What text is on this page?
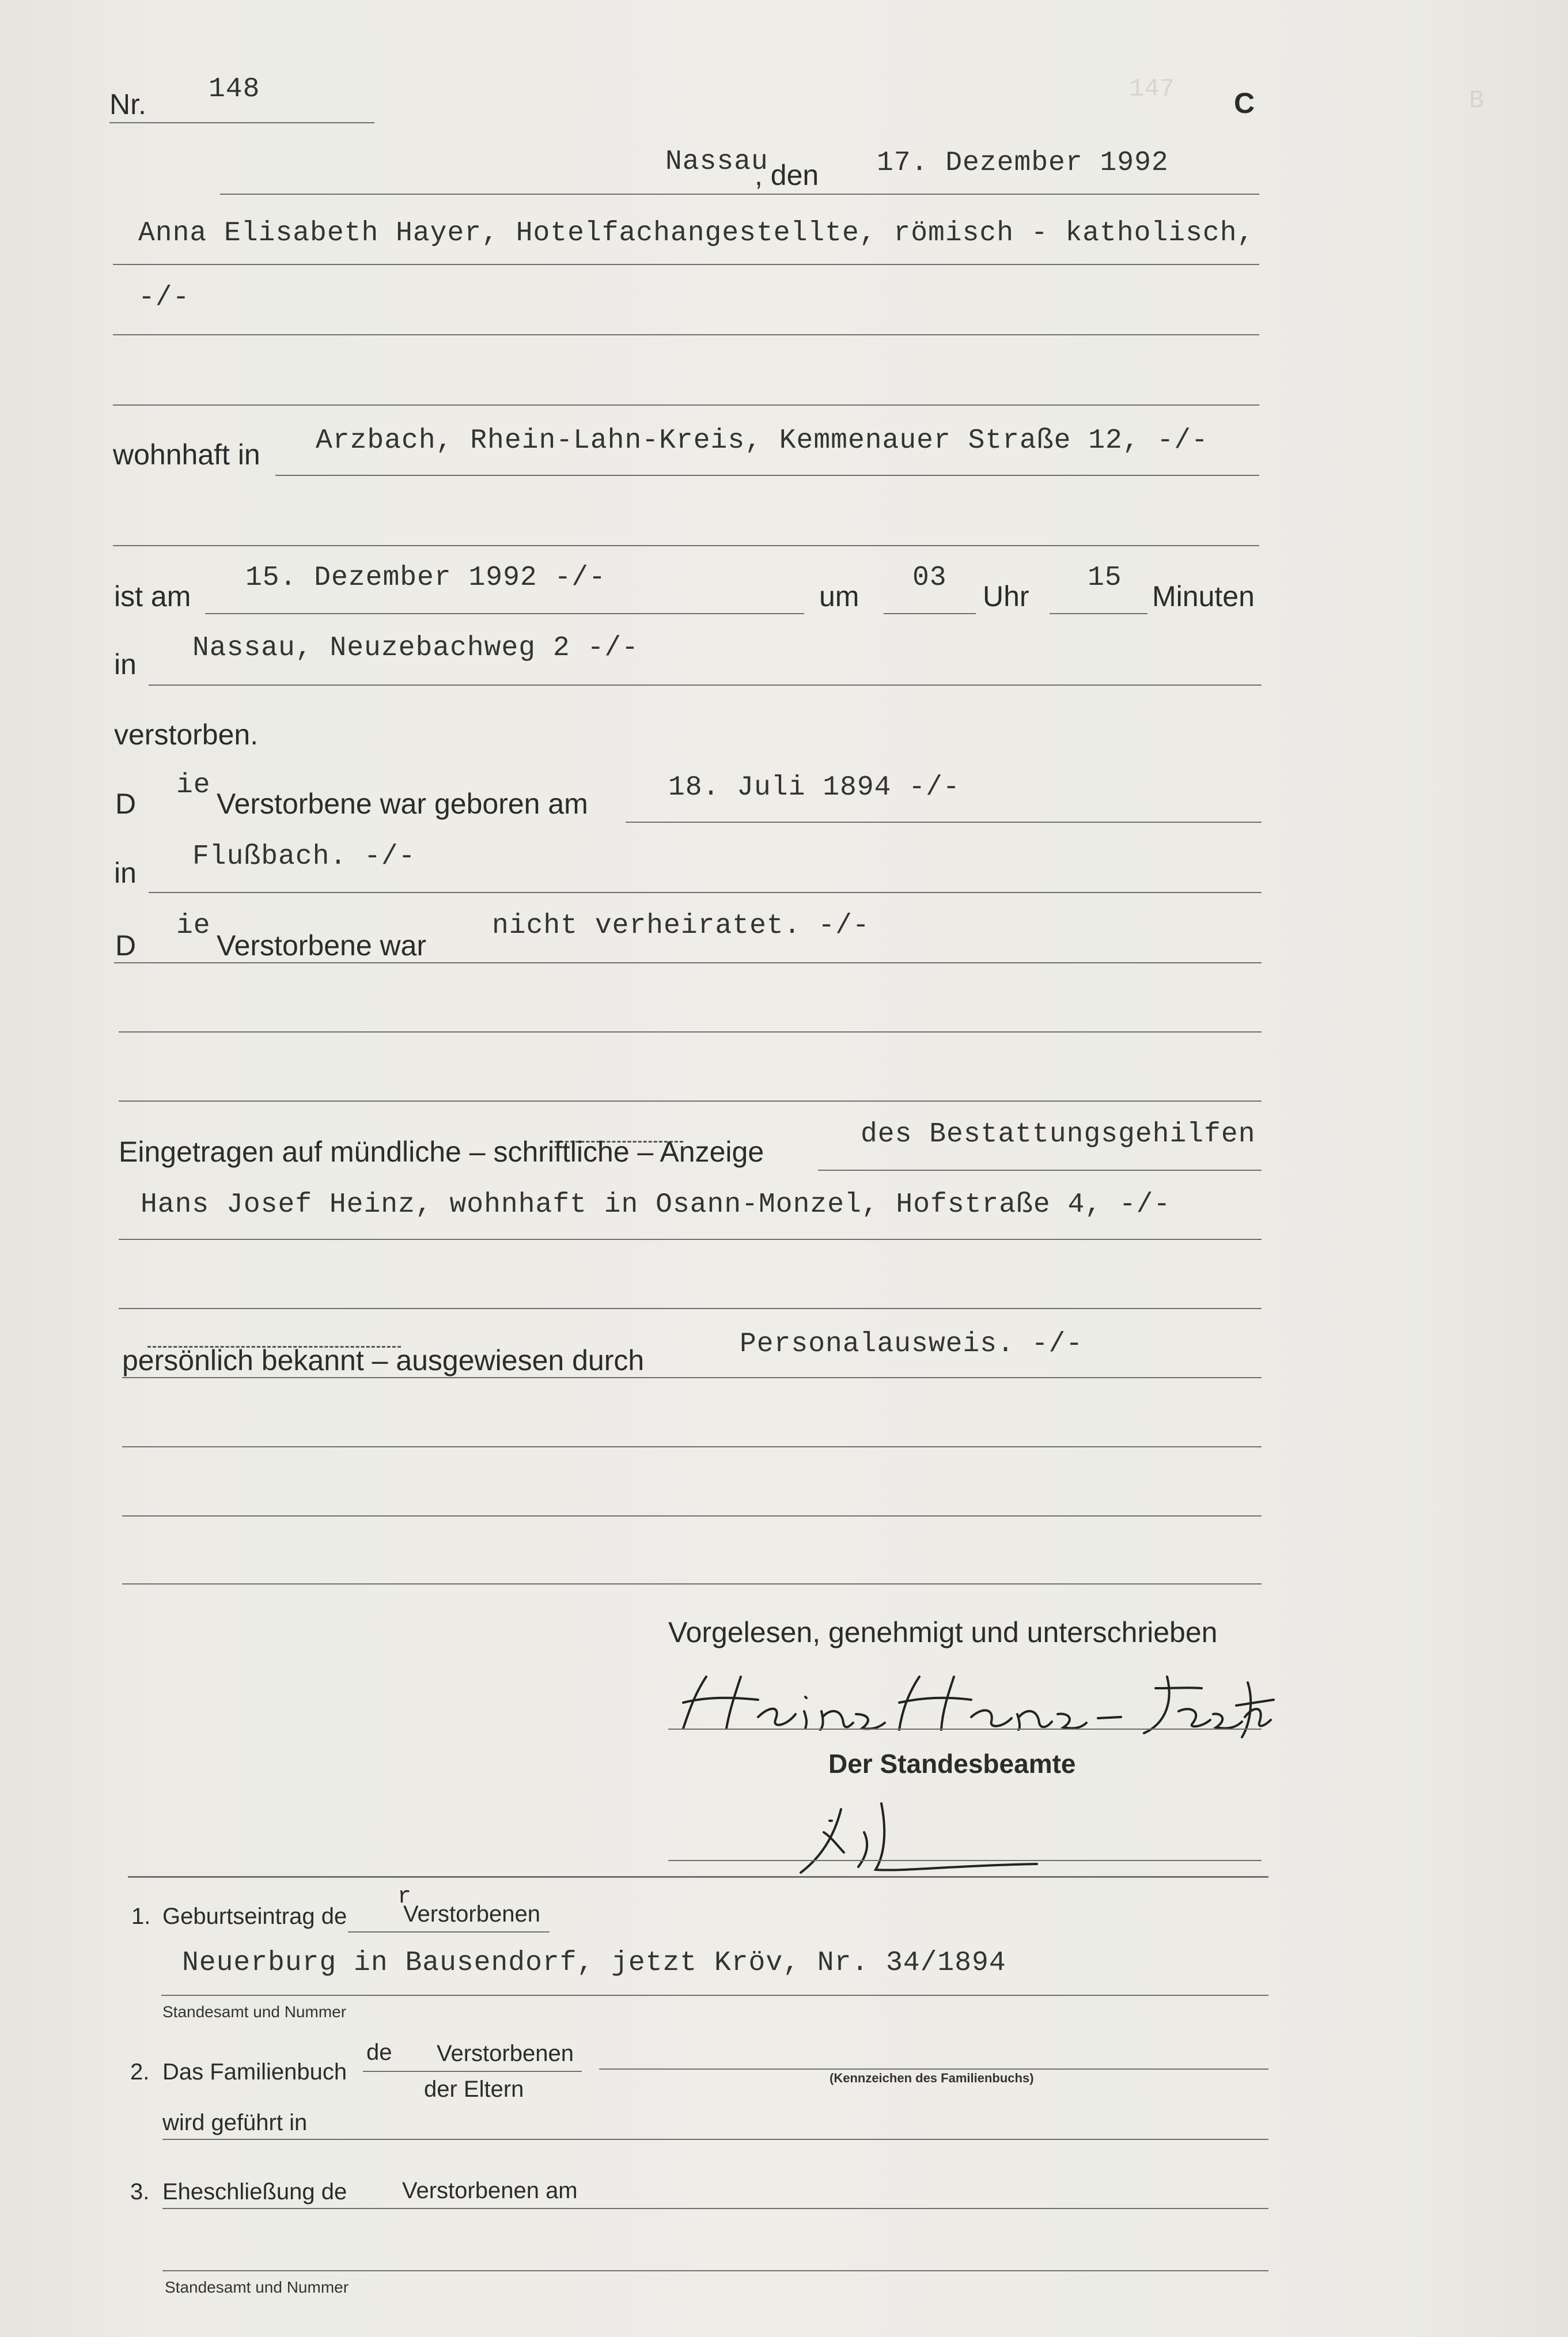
147	B
Nr. 148	C
Nassau
, den 17. Dezember 1992
Anna Elisabeth Hayer, Hotelfachangestellte, römisch - katholisch,
-/-
wohnhaft in Arzbach, Rhein-Lahn-Kreis, Kemmenauer Straße 12, -/-
ist am
15. Dezember 1992 -/-
um
03
Uhr
15
Minuten
in Nassau, Neuzebachweg 2 -/-
verstorben.
D
ie
Verstorbene war geboren am	18. Juli 1894 -/-
in Flußbach. -/-
D
ie
Verstorbene war
nicht verheiratet. -/-
Eingetragen auf mündliche – schriftliche – Anzeige
des Bestattungsgehilfen
Hans Josef Heinz, wohnhaft in Osann-Monzel, Hofstraße 4, -/-
persönlich bekannt – ausgewiesen durch	Personalausweis. -/-
Vorgelesen, genehmigt und unterschrieben
Der Standesbeamte
1. Geburtseintrag de
r
Verstorbenen
Neuerburg in Bausendorf, jetzt Kröv, Nr. 34/1894
Standesamt und Nummer
2. Das Familienbuch
de Verstorbenen
der Eltern	(Kennzeichen des Familienbuchs)
wird geführt in
3. Eheschließung de Verstorbenen am
Standesamt und Nummer
